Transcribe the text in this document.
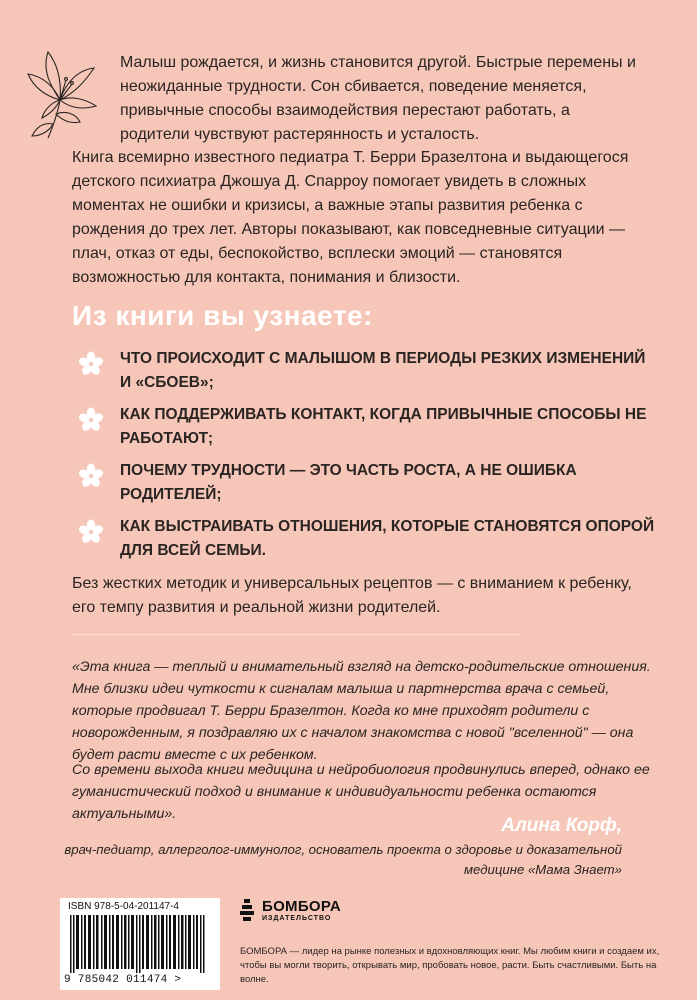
Малыш рождается, и жизнь становится другой. Быстрые перемены и неожиданные трудности. Сон сбивается, поведение меняется, привычные способы взаимодействия перестают работать, а родители чувствуют растерянность и усталость.

Книга всемирно известного педиатра Т. Берри Бразелтона и выдающегося детского психиатра Джошуа Д. Спарроу помогает увидеть в сложных моментах не ошибки и кризисы, а важные этапы развития ребенка с рождения до трех лет. Авторы показывают, как повседневные ситуации — плач, отказ от еды, беспокойство, всплески эмоций — становятся возможностью для контакта, понимания и близости.

Из книги вы узнаете:
ЧТО ПРОИСХОДИТ С МАЛЫШОМ В ПЕРИОДЫ РЕЗКИХ ИЗМЕНЕНИЙ И «СБОЕВ»;
КАК ПОДДЕРЖИВАТЬ КОНТАКТ, КОГДА ПРИВЫЧНЫЕ СПОСОБЫ НЕ РАБОТАЮТ;
ПОЧЕМУ ТРУДНОСТИ — ЭТО ЧАСТЬ РОСТА, А НЕ ОШИБКА РОДИТЕЛЕЙ;
КАК ВЫСТРАИВАТЬ ОТНОШЕНИЯ, КОТОРЫЕ СТАНОВЯТСЯ ОПОРОЙ ДЛЯ ВСЕЙ СЕМЬИ.

Без жестких методик и универсальных рецептов — с вниманием к ребенку, его темпу развития и реальной жизни родителей.

«Эта книга — теплый и внимательный взгляд на детско-родительские отношения. Мне близки идеи чуткости к сигналам малыша и партнерства врача с семьей, которые продвигал Т. Берри Бразелтон. Когда ко мне приходят родители с новорожденным, я поздравляю их с началом знакомства с новой "вселенной" — она будет расти вместе с их ребенком.

Со времени выхода книги медицина и нейробиология продвинулись вперед, однако ее гуманистический подход и внимание к индивидуальности ребенка остаются актуальными».

Алина Корф,
врач-педиатр, аллерголог-иммунолог, основатель проекта о здоровье и доказательной медицине «Мама Знает»
ISBN 978-5-04-201147-4
9 785042 011474 >
БОМБОРА
ИЗДАТЕЛЬСТВО
БОМБОРА — лидер на рынке полезных и вдохновляющих книг. Мы любим книги и создаем их, чтобы вы могли творить, открывать мир, пробовать новое, расти. Быть счастливыми. Быть на волне.
